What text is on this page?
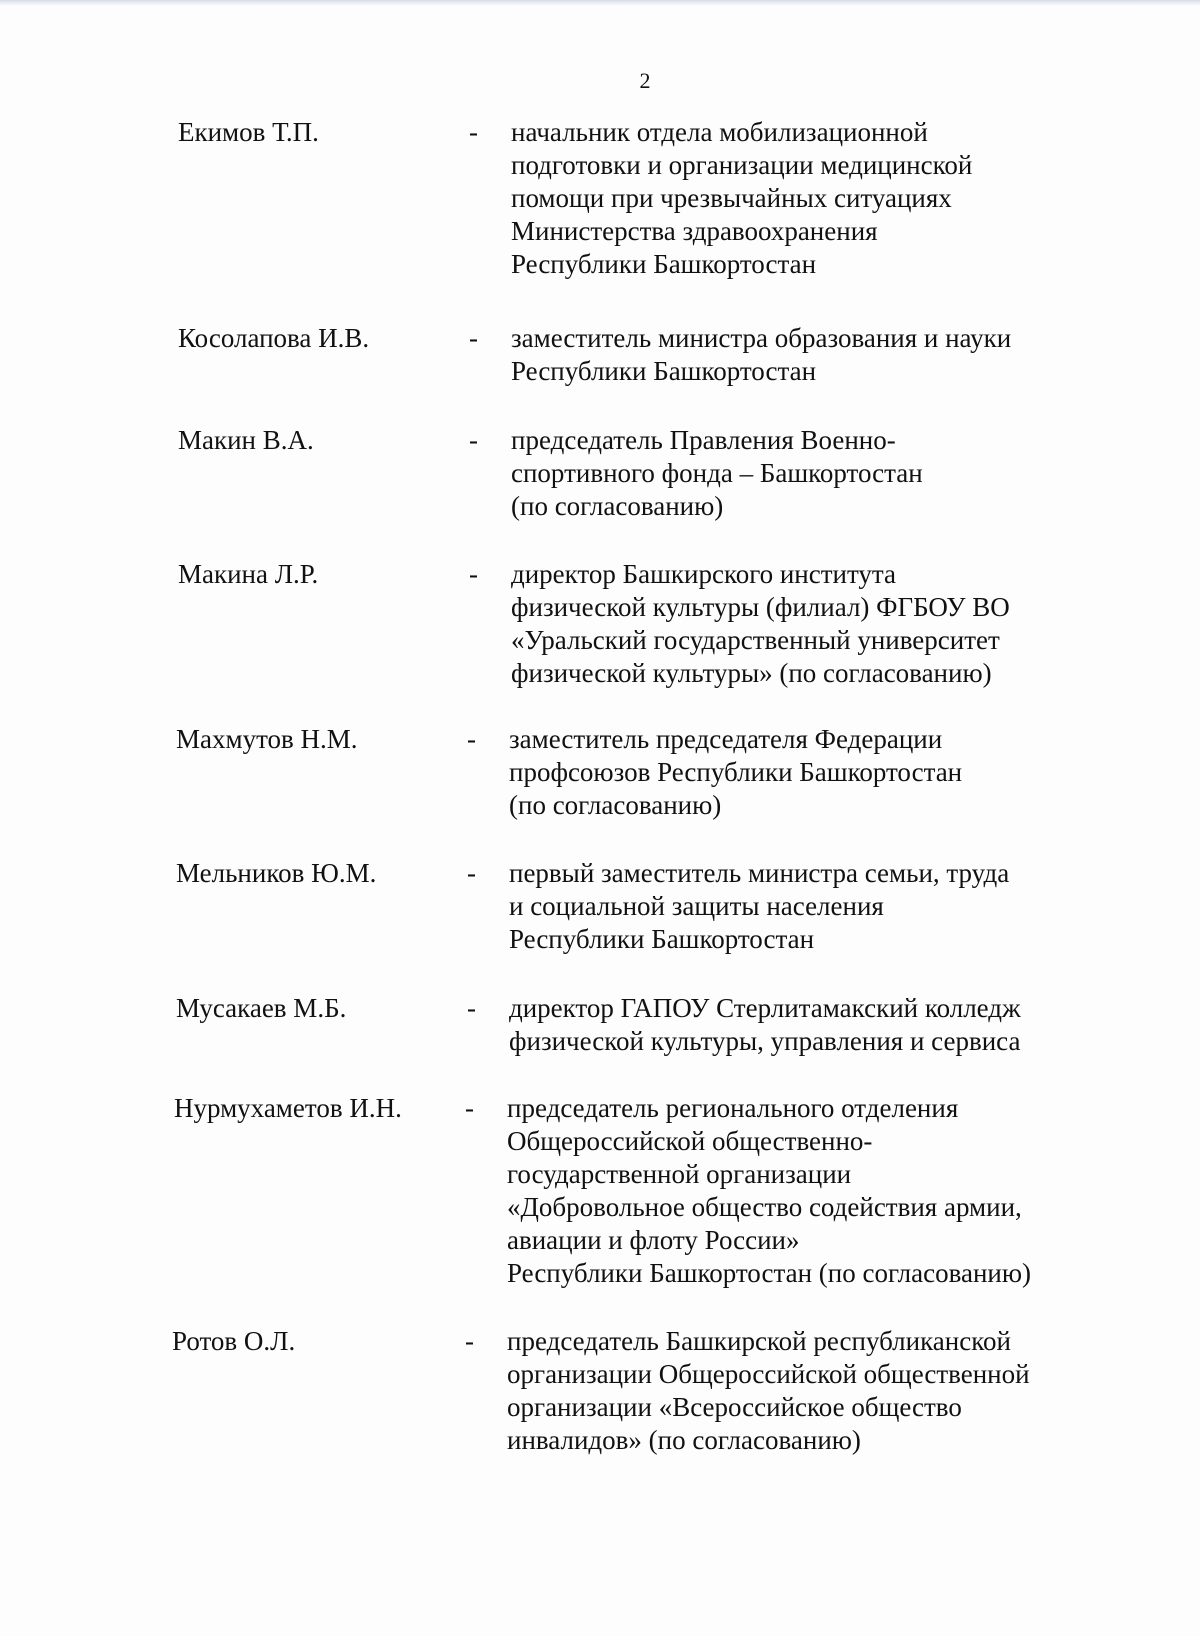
2
Екимов Т.П.	- начальник отдела мобилизационной
подготовки и организации медицинской
помощи при чрезвычайных ситуациях
Министерства здравоохранения
Республики Башкортостан
Косолапова И.В.	- заместитель министра образования и науки
Республики Башкортостан
Макин В.А.	- председатель Правления Военно-
спортивного фонда – Башкортостан
(по согласованию)
Макина Л.Р.	- директор Башкирского института
физической культуры (филиал) ФГБОУ ВО
«Уральский государственный университет
физической культуры» (по согласованию)
Махмутов Н.М.	- заместитель председателя Федерации
профсоюзов Республики Башкортостан
(по согласованию)
Мельников Ю.М.	- первый заместитель министра семьи, труда
и социальной защиты населения
Республики Башкортостан
Мусакаев М.Б.	- директор ГАПОУ Стерлитамакский колледж
физической культуры, управления и сервиса
Нурмухаметов И.Н. - председатель регионального отделения
Общероссийской общественно-
государственной организации
«Добровольное общество содействия армии,
авиации и флоту России»
Республики Башкортостан (по согласованию)
Ротов О.Л.	- председатель Башкирской республиканской
организации Общероссийской общественной
организации «Всероссийское общество
инвалидов» (по согласованию)
